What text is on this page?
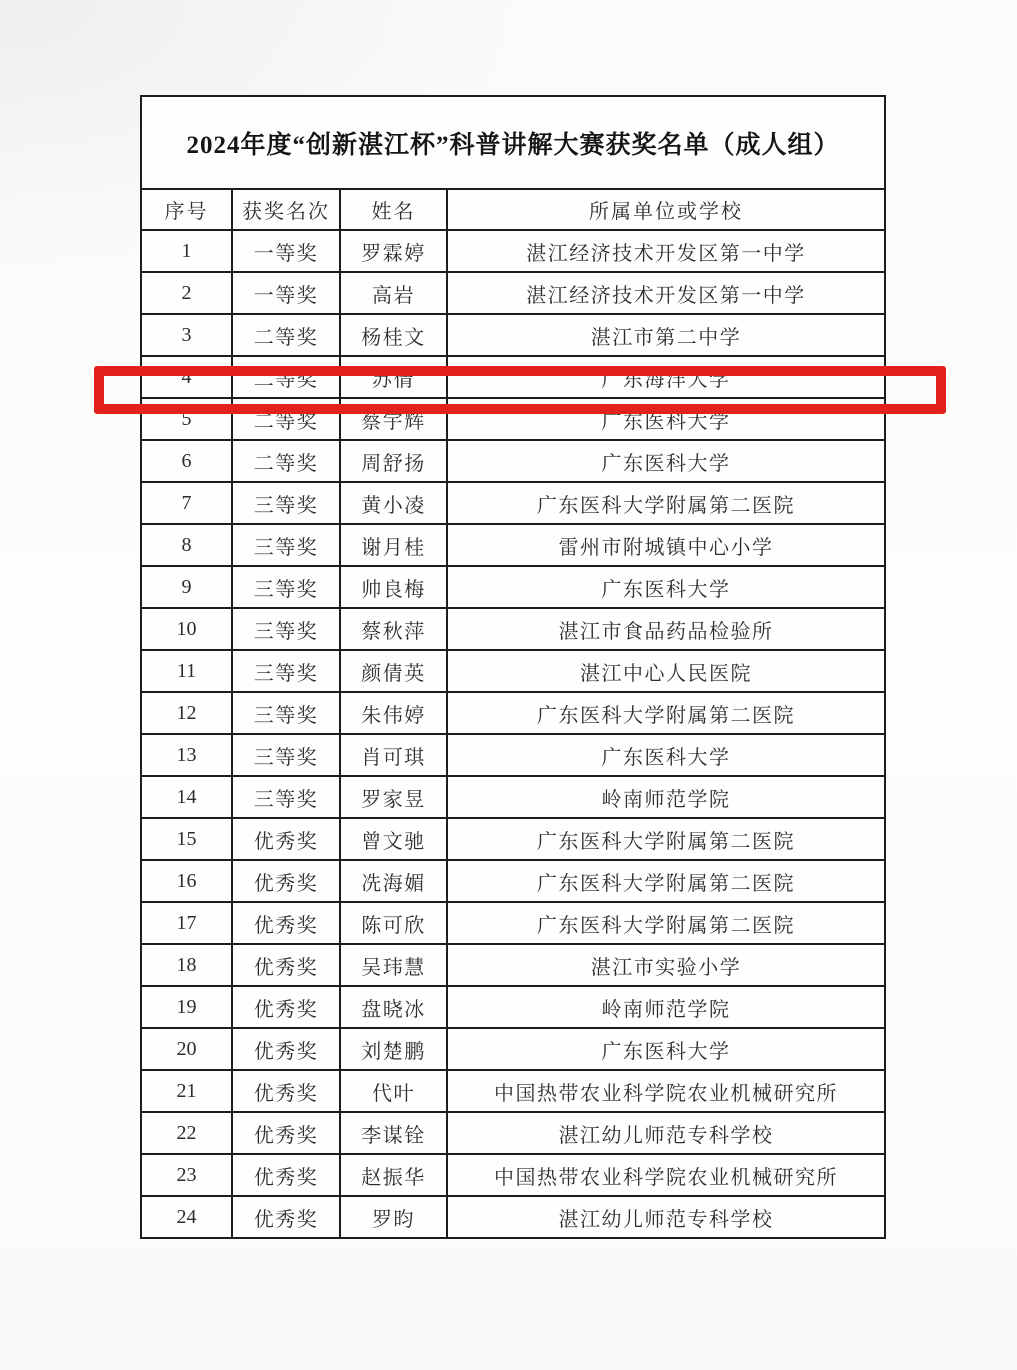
2024年度“创新湛江杯”科普讲解大赛获奖名单（成人组）			
序号	获奖名次	姓名	所属单位或学校
1	一等奖	罗霖婷	湛江经济技术开发区第一中学
2	一等奖	高岩	湛江经济技术开发区第一中学
3	二等奖	杨桂文	湛江市第二中学
4	二等奖	苏倩	广东海洋大学
5	二等奖	蔡宇辉	广东医科大学
6	二等奖	周舒扬	广东医科大学
7	三等奖	黄小凌	广东医科大学附属第二医院
8	三等奖	谢月桂	雷州市附城镇中心小学
9	三等奖	帅良梅	广东医科大学
10	三等奖	蔡秋萍	湛江市食品药品检验所
11	三等奖	颜倩英	湛江中心人民医院
12	三等奖	朱伟婷	广东医科大学附属第二医院
13	三等奖	肖可琪	广东医科大学
14	三等奖	罗家昱	岭南师范学院
15	优秀奖	曾文驰	广东医科大学附属第二医院
16	优秀奖	冼海媚	广东医科大学附属第二医院
17	优秀奖	陈可欣	广东医科大学附属第二医院
18	优秀奖	吴玮慧	湛江市实验小学
19	优秀奖	盘晓冰	岭南师范学院
20	优秀奖	刘楚鹏	广东医科大学
21	优秀奖	代叶	中国热带农业科学院农业机械研究所
22	优秀奖	李谋铨	湛江幼儿师范专科学校
23	优秀奖	赵振华	中国热带农业科学院农业机械研究所
24	优秀奖	罗昀	湛江幼儿师范专科学校
